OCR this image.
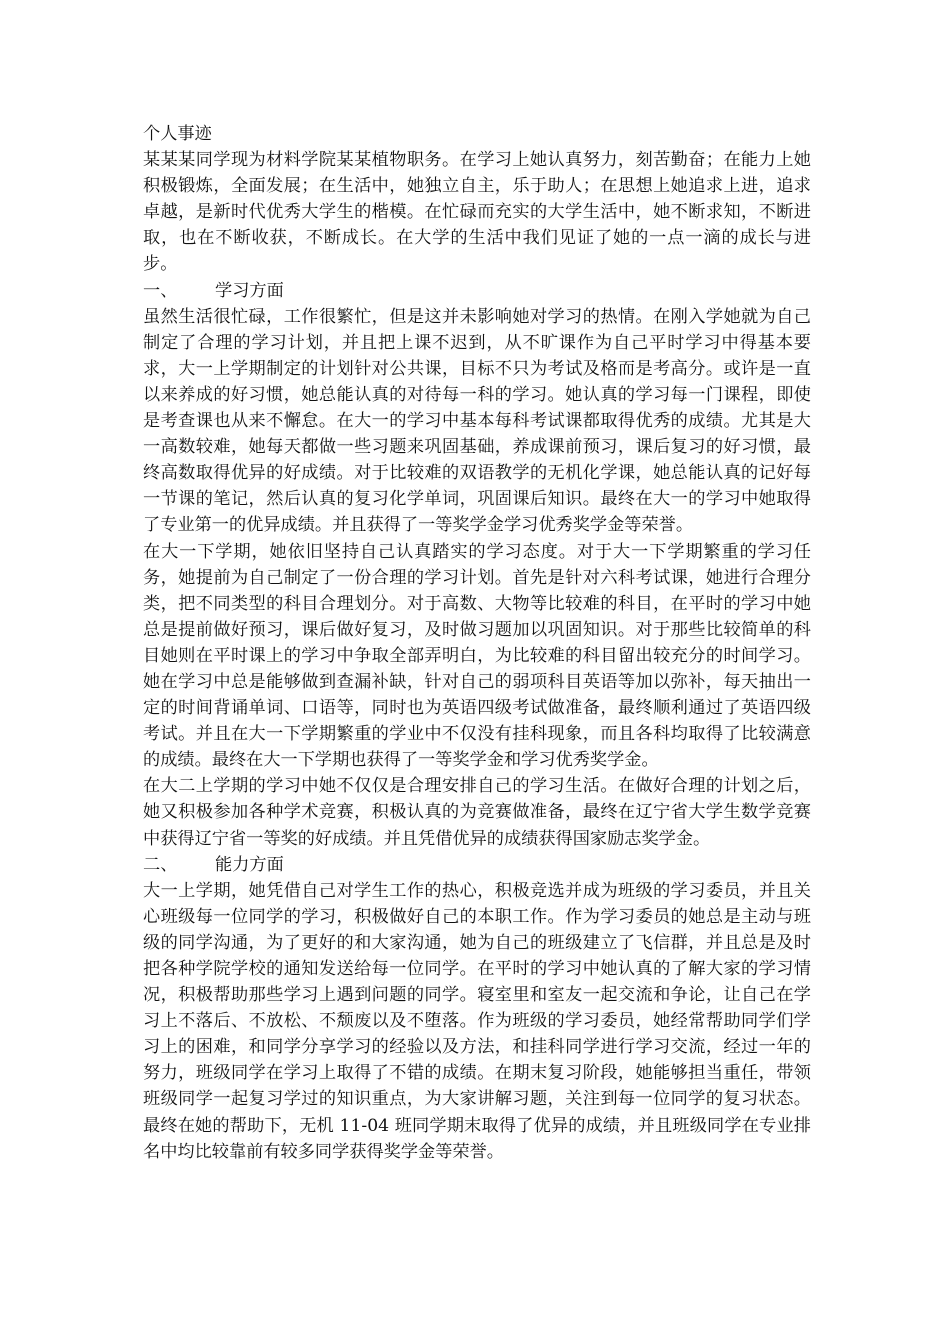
个人事迹
某某某同学现为材料学院某某植物职务。在学习上她认真努力，刻苦勤奋；在能力上她积极锻炼，全面发展；在生活中，她独立自主，乐于助人；在思想上她追求上进，追求卓越，是新时代优秀大学生的楷模。在忙碌而充实的大学生活中，她不断求知，不断进取，也在不断收获，不断成长。在大学的生活中我们见证了她的一点一滴的成长与进步。
一、 学习方面
虽然生活很忙碌，工作很繁忙，但是这并未影响她对学习的热情。在刚入学她就为自己制定了合理的学习计划，并且把上课不迟到，从不旷课作为自己平时学习中得基本要求，大一上学期制定的计划针对公共课，目标不只为考试及格而是考高分。或许是一直以来养成的好习惯，她总能认真的对待每一科的学习。她认真的学习每一门课程，即使是考查课也从来不懈怠。在大一的学习中基本每科考试课都取得优秀的成绩。尤其是大一高数较难，她每天都做一些习题来巩固基础，养成课前预习，课后复习的好习惯，最终高数取得优异的好成绩。对于比较难的双语教学的无机化学课，她总能认真的记好每一节课的笔记，然后认真的复习化学单词，巩固课后知识。最终在大一的学习中她取得了专业第一的优异成绩。并且获得了一等奖学金学习优秀奖学金等荣誉。
在大一下学期，她依旧坚持自己认真踏实的学习态度。对于大一下学期繁重的学习任务，她提前为自己制定了一份合理的学习计划。首先是针对六科考试课，她进行合理分类，把不同类型的科目合理划分。对于高数、大物等比较难的科目，在平时的学习中她总是提前做好预习，课后做好复习，及时做习题加以巩固知识。对于那些比较简单的科目她则在平时课上的学习中争取全部弄明白，为比较难的科目留出较充分的时间学习。她在学习中总是能够做到查漏补缺，针对自己的弱项科目英语等加以弥补，每天抽出一定的时间背诵单词、口语等，同时也为英语四级考试做准备，最终顺利通过了英语四级考试。并且在大一下学期繁重的学业中不仅没有挂科现象，而且各科均取得了比较满意的成绩。最终在大一下学期也获得了一等奖学金和学习优秀奖学金。
在大二上学期的学习中她不仅仅是合理安排自己的学习生活。在做好合理的计划之后，她又积极参加各种学术竞赛，积极认真的为竞赛做准备，最终在辽宁省大学生数学竞赛中获得辽宁省一等奖的好成绩。并且凭借优异的成绩获得国家励志奖学金。
二、 能力方面
大一上学期，她凭借自己对学生工作的热心，积极竞选并成为班级的学习委员，并且关心班级每一位同学的学习，积极做好自己的本职工作。作为学习委员的她总是主动与班级的同学沟通，为了更好的和大家沟通，她为自己的班级建立了飞信群，并且总是及时把各种学院学校的通知发送给每一位同学。在平时的学习中她认真的了解大家的学习情况，积极帮助那些学习上遇到问题的同学。寝室里和室友一起交流和争论，让自己在学习上不落后、不放松、不颓废以及不堕落。作为班级的学习委员，她经常帮助同学们学习上的困难，和同学分享学习的经验以及方法，和挂科同学进行学习交流，经过一年的努力，班级同学在学习上取得了不错的成绩。在期末复习阶段，她能够担当重任，带领班级同学一起复习学过的知识重点，为大家讲解习题，关注到每一位同学的复习状态。最终在她的帮助下，无机 11-04 班同学期末取得了优异的成绩，并且班级同学在专业排名中均比较靠前有较多同学获得奖学金等荣誉。
